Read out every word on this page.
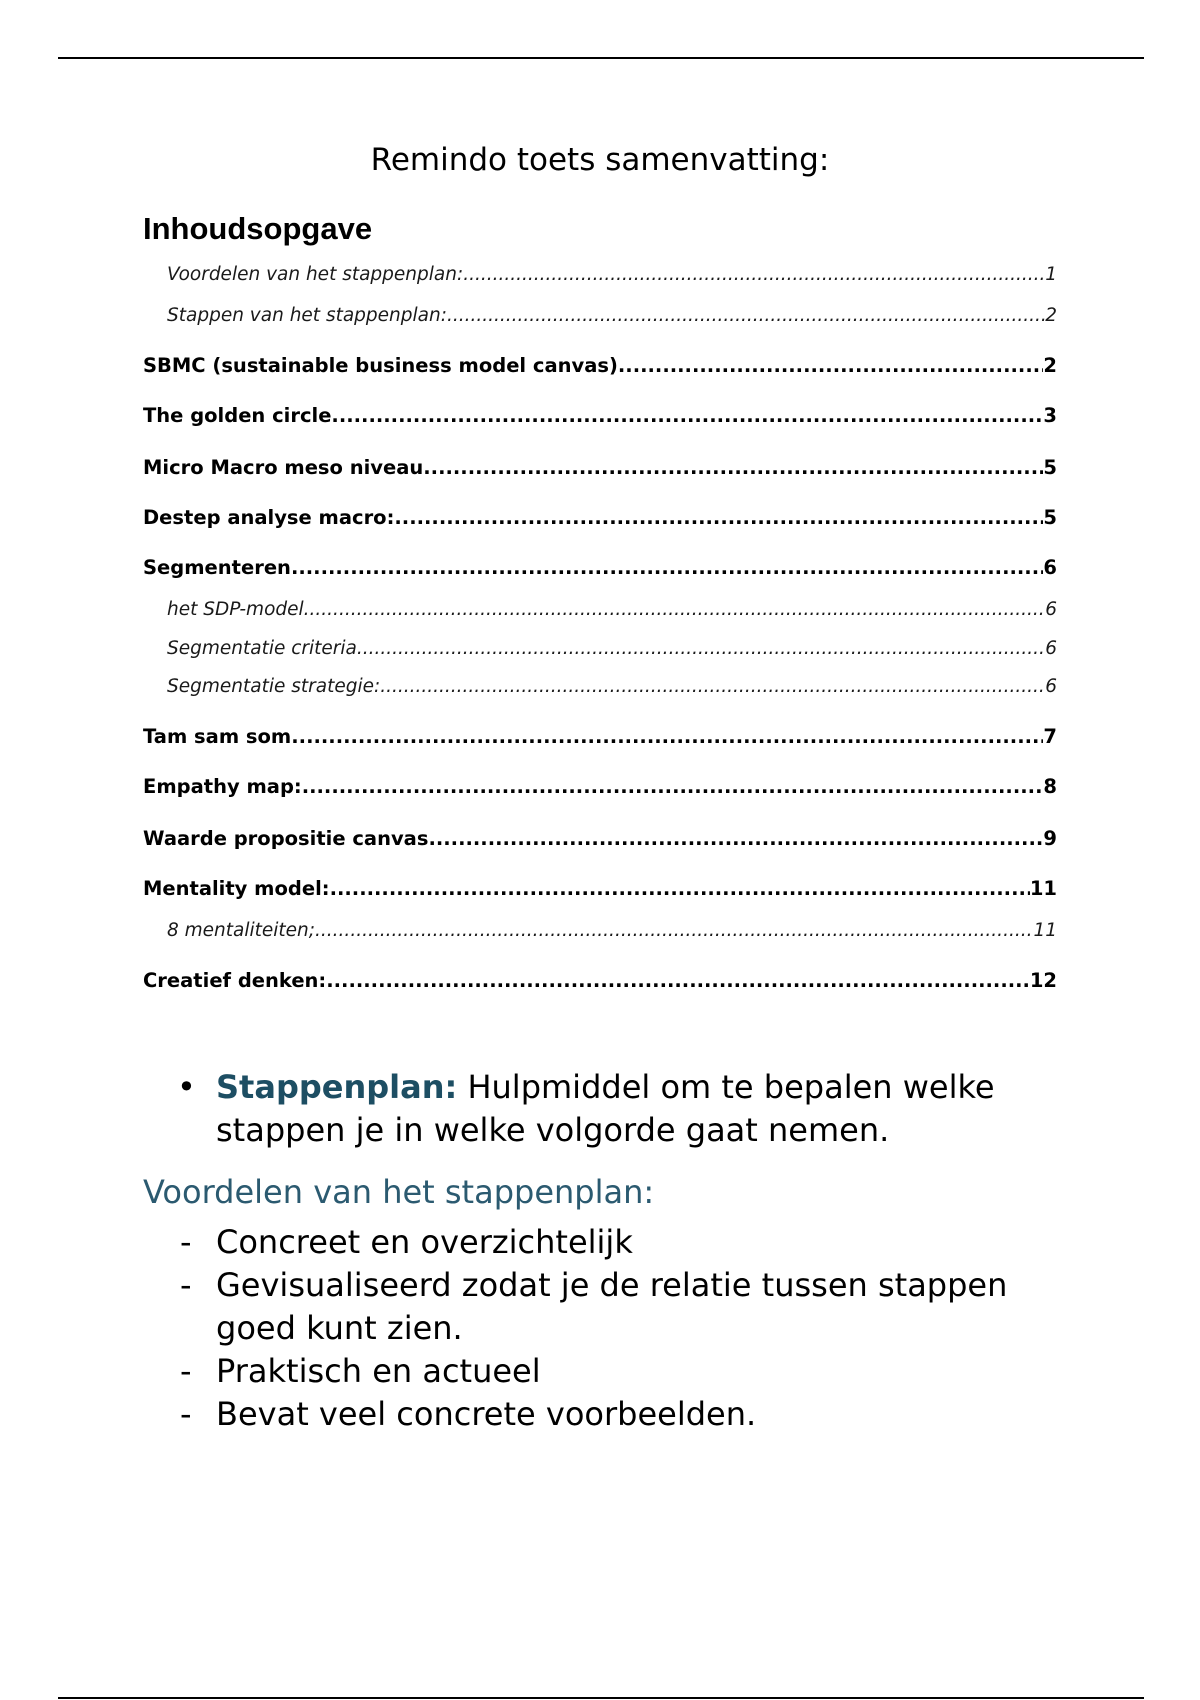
Remindo toets samenvatting:
Inhoudsopgave
Voordelen van het stappenplan: .....	1
Stappen van het stappenplan: .....	2
SBMC (sustainable business model canvas) .....	2
The golden circle .....	3
Micro Macro meso niveau .....	5
Destep analyse macro: .....	5
Segmenteren .....	6
het SDP-model .....	6
Segmentatie criteria .....	6
Segmentatie strategie: .....	6
Tam sam som .....	7
Empathy map: .....	8
Waarde propositie canvas .....	9
Mentality model: .....	11
8 mentaliteiten; .....	11
Creatief denken: .....	12
• Stappenplan: Hulpmiddel om te bepalen welke stappen je in welke volgorde gaat nemen.
Voordelen van het stappenplan:
- Concreet en overzichtelijk
- Gevisualiseerd zodat je de relatie tussen stappen goed kunt zien.
- Praktisch en actueel
- Bevat veel concrete voorbeelden.
